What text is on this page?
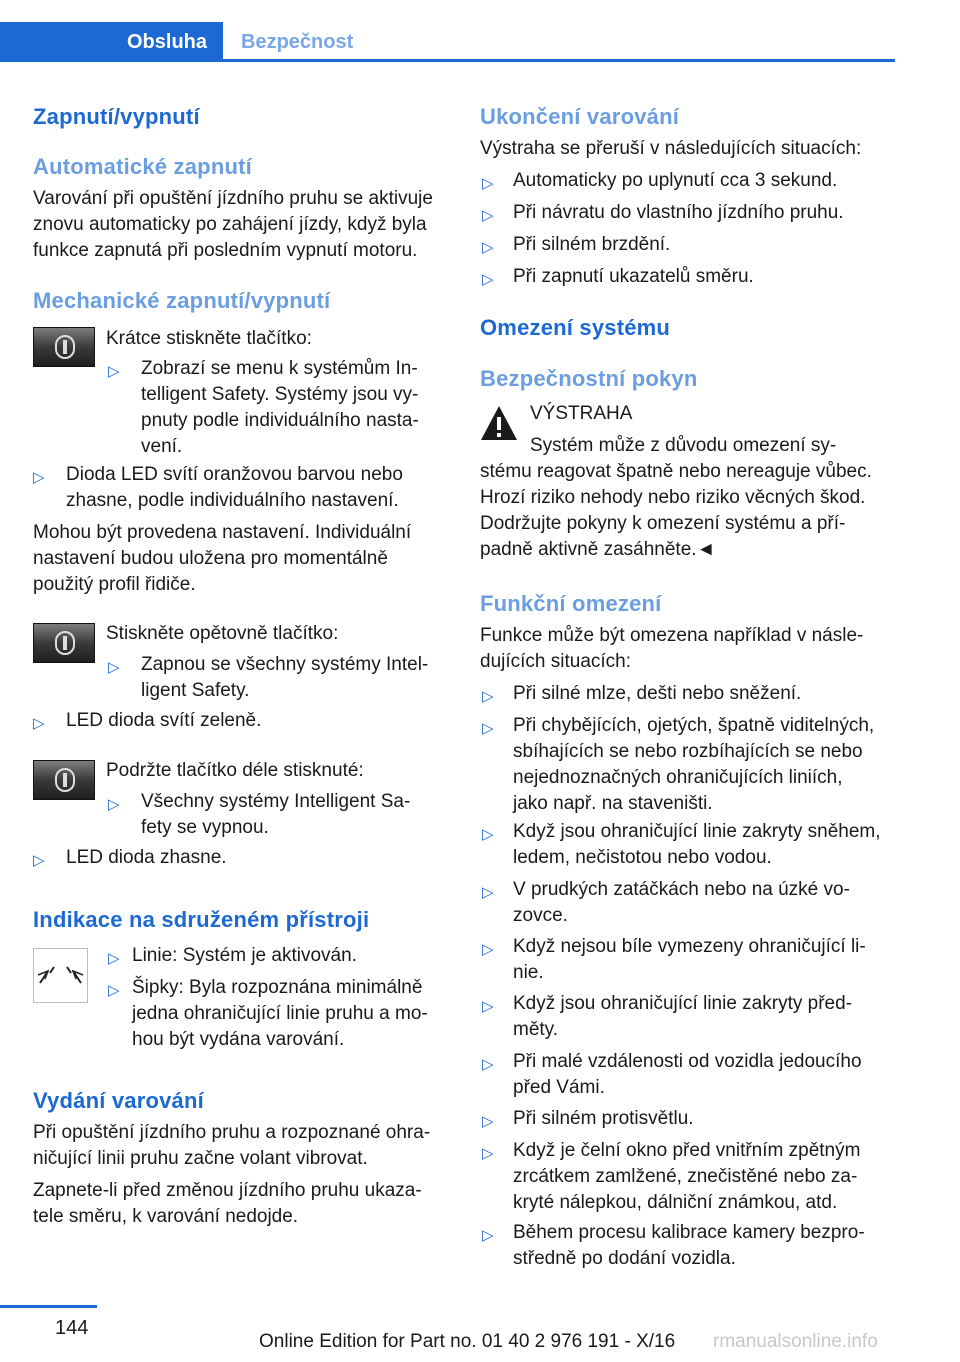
Obsluha Bezpečnost
Zapnutí/vypnutí
Automatické zapnutí
Varování při opuštění jízdního pruhu se aktivuje
znovu automaticky po zahájení jízdy, když byla
funkce zapnutá při posledním vypnutí motoru.
Mechanické zapnutí/vypnutí
Krátce stiskněte tlačítko:
▷ Zobrazí se menu k systémům In-
telligent Safety. Systémy jsou vy-
pnuty podle individuálního nasta-
vení.
▷ Dioda LED svítí oranžovou barvou nebo
zhasne, podle individuálního nastavení.
Mohou být provedena nastavení. Individuální
nastavení budou uložena pro momentálně
použitý profil řidiče.
Stiskněte opětovně tlačítko:
▷ Zapnou se všechny systémy Intel-
ligent Safety.
▷ LED dioda svítí zeleně.
Podržte tlačítko déle stisknuté:
▷ Všechny systémy Intelligent Sa-
fety se vypnou.
▷ LED dioda zhasne.
Indikace na sdruženém přístroji
▷ Linie: Systém je aktivován.
▷ Šipky: Byla rozpoznána minimálně
jedna ohraničující linie pruhu a mo-
hou být vydána varování.
Vydání varování
Při opuštění jízdního pruhu a rozpoznané ohra-
ničující linii pruhu začne volant vibrovat.
Zapnete-li před změnou jízdního pruhu ukaza-
tele směru, k varování nedojde.
Ukončení varování
Výstraha se přeruší v následujících situacích:
▷ Automaticky po uplynutí cca 3 sekund.
▷ Při návratu do vlastního jízdního pruhu.
▷ Při silném brzdění.
▷ Při zapnutí ukazatelů směru.
Omezení systému
Bezpečnostní pokyn
VÝSTRAHA
Systém může z důvodu omezení sy-
stému reagovat špatně nebo nereaguje vůbec.
Hrozí riziko nehody nebo riziko věcných škod.
Dodržujte pokyny k omezení systému a pří-
padně aktivně zasáhněte.◄
Funkční omezení
Funkce může být omezena například v násle-
dujících situacích:
▷ Při silné mlze, dešti nebo sněžení.
▷ Při chybějících, ojetých, špatně viditelných,
sbíhajících se nebo rozbíhajících se nebo
nejednoznačných ohraničujících liniích,
jako např. na staveništi.
▷ Když jsou ohraničující linie zakryty sněhem,
ledem, nečistotou nebo vodou.
▷ V prudkých zatáčkách nebo na úzké vo-
zovce.
▷ Když nejsou bíle vymezeny ohraničující li-
nie.
▷ Když jsou ohraničující linie zakryty před-
měty.
▷ Při malé vzdálenosti od vozidla jedoucího
před Vámi.
▷ Při silném protisvětlu.
▷ Když je čelní okno před vnitřním zpětným
zrcátkem zamlžené, znečistěné nebo za-
kryté nálepkou, dálniční známkou, atd.
▷ Během procesu kalibrace kamery bezpro-
středně po dodání vozidla.
144
Online Edition for Part no. 01 40 2 976 191 - X/16 rmanualsonline.info
